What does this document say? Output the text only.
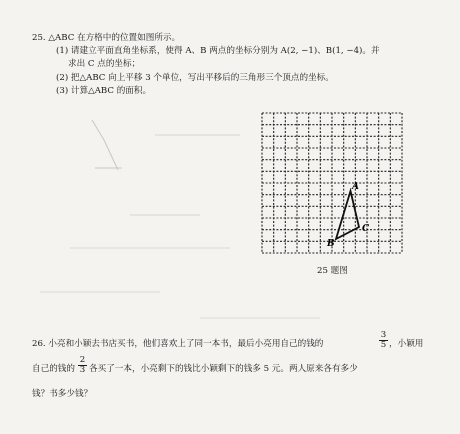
25. △ABC 在方格中的位置如图所示。
(1) 请建立平面直角坐标系，使得 A、B 两点的坐标分别为 A(2, −1)、B(1, −4)。并
求出 C 点的坐标；
(2) 把△ABC 向上平移 3 个单位，写出平移后的三角形三个顶点的坐标。
(3) 计算△ABC 的面积。
A
B
C
25 题图
26. 小亮和小颖去书店买书，他们喜欢上了同一本书，最后小亮用自己的钱的
3
5 ，小颖用
自己的钱的
2
3 各买了一本，小亮剩下的钱比小颖剩下的钱多 5 元。两人原来各有多少
钱？书多少钱？
